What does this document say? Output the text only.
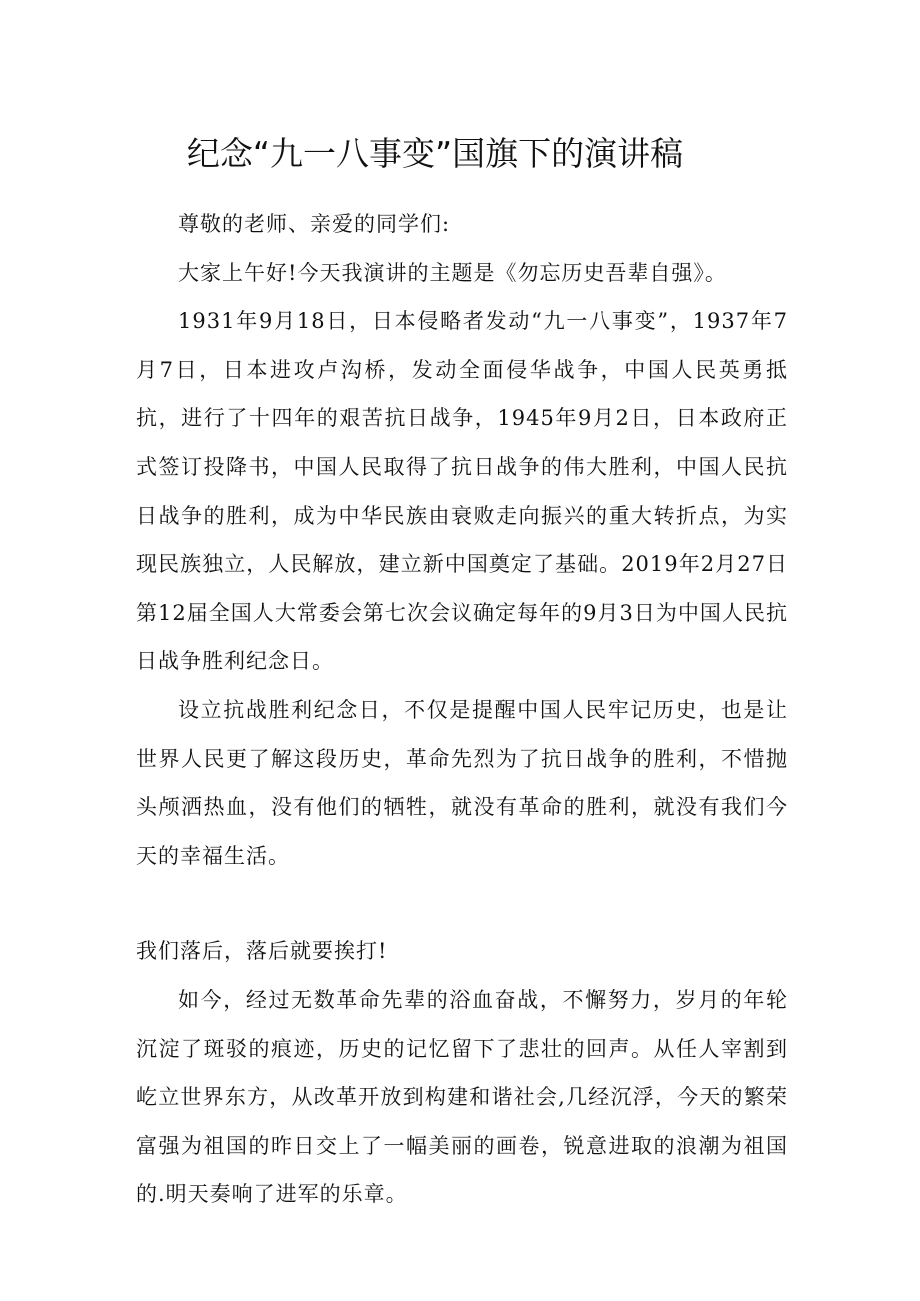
纪念“九一八事变”国旗下的演讲稿

尊敬的老师、亲爱的同学们:

大家上午好!今天我演讲的主题是《勿忘历史吾辈自强》。

1931年9月18日，日本侵略者发动“九一八事变”，1937年7月7日，日本进攻卢沟桥，发动全面侵华战争，中国人民英勇抵抗，进行了十四年的艰苦抗日战争，1945年9月2日，日本政府正式签订投降书，中国人民取得了抗日战争的伟大胜利，中国人民抗日战争的胜利，成为中华民族由衰败走向振兴的重大转折点，为实现民族独立，人民解放，建立新中国奠定了基础。2019年2月27日第12届全国人大常委会第七次会议确定每年的9月3日为中国人民抗日战争胜利纪念日。

设立抗战胜利纪念日，不仅是提醒中国人民牢记历史，也是让世界人民更了解这段历史，革命先烈为了抗日战争的胜利，不惜抛头颅洒热血，没有他们的牺牲，就没有革命的胜利，就没有我们今天的幸福生活。

我们落后，落后就要挨打!

如今，经过无数革命先辈的浴血奋战，不懈努力，岁月的年轮沉淀了斑驳的痕迹，历史的记忆留下了悲壮的回声。从任人宰割到屹立世界东方，从改革开放到构建和谐社会,几经沉浮，今天的繁荣富强为祖国的昨日交上了一幅美丽的画卷，锐意进取的浪潮为祖国的.明天奏响了进军的乐章。
